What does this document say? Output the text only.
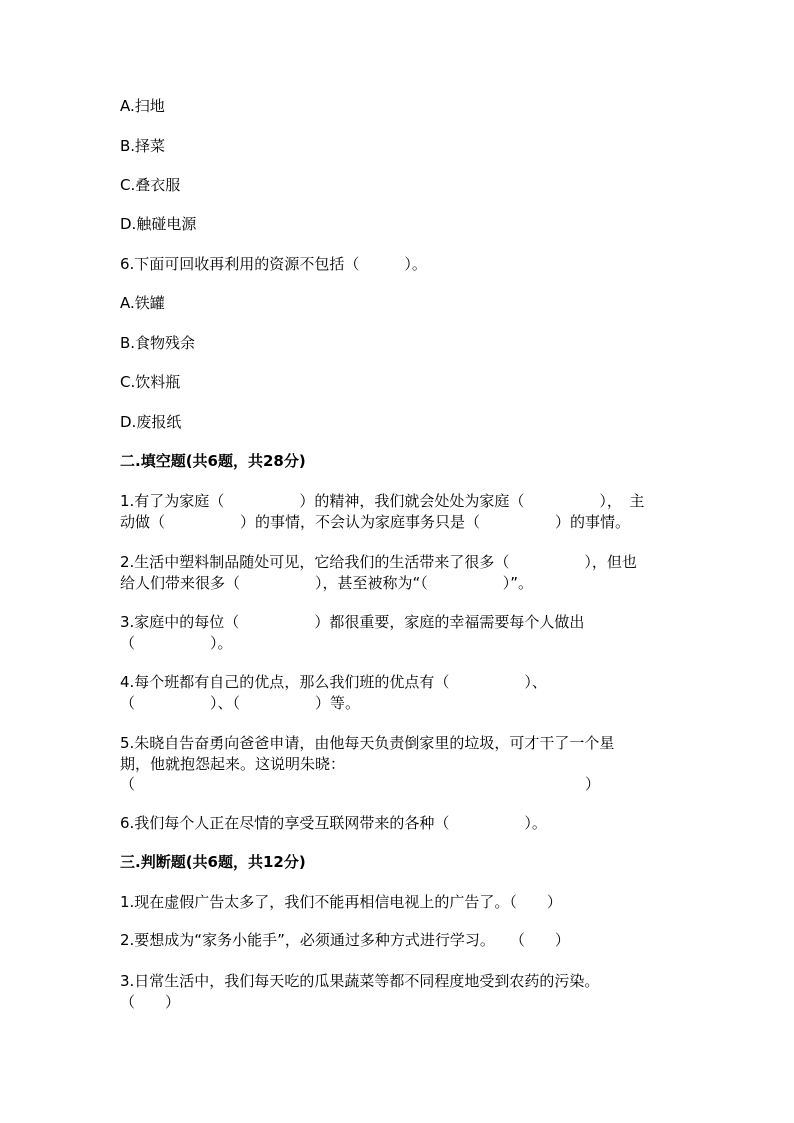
A.扫地
B.择菜
C.叠衣服
D.触碰电源
6.下面可回收再利用的资源不包括（　　　）。
A.铁罐
B.食物残余
C.饮料瓶
D.废报纸
二.填空题(共6题，共28分)
1.有了为家庭（　　　　　）的精神，我们就会处处为家庭（　　　　　），　主
动做（　　　　　）的事情，不会认为家庭事务只是（　　　　　）的事情。
2.生活中塑料制品随处可见，它给我们的生活带来了很多（　　　　　），但也
给人们带来很多（　　　　　），甚至被称为“（　　　　　）”。
3.家庭中的每位（　　　　　）都很重要，家庭的幸福需要每个人做出
（　　　　　）。
4.每个班都有自己的优点，那么我们班的优点有（　　　　　）、
（　　　　　）、（　　　　　）等。
5.朱晓自告奋勇向爸爸申请，由他每天负责倒家里的垃圾，可才干了一个星
期，他就抱怨起来。这说明朱晓：
（　　　　　　　　　　　　　　　　　　　　　　　　　　　　　　）
6.我们每个人正在尽情的享受互联网带来的各种（　　　　　）。
三.判断题(共6题，共12分)
1.现在虚假广告太多了，我们不能再相信电视上的广告了。（　　）
2.要想成为“家务小能手”，必须通过多种方式进行学习。　　（　　）
3.日常生活中，我们每天吃的瓜果蔬菜等都不同程度地受到农药的污染。
（　　）
